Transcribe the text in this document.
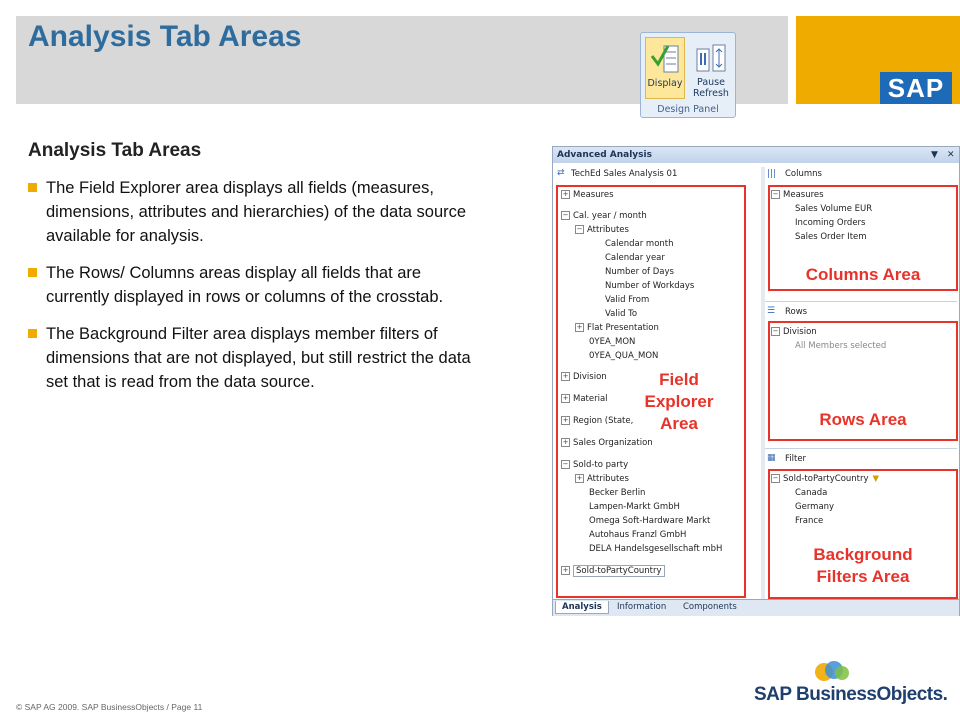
Analysis Tab Areas
SAP
Display	Pause
Refresh
Design Panel
Analysis Tab Areas
The Field Explorer area displays all fields (measures, dimensions, attributes and hierarchies) of the data source available for analysis.
The Rows/ Columns areas display all fields that are currently displayed in rows or columns of the crosstab.
The Background Filter area displays member filters of dimensions that are not displayed, but still restrict the data set that is read from the data source.
Advanced Analysis	▼ ✕
⇄ TechEd Sales Analysis 01
+ Measures
− Cal. year / month
− Attributes
Calendar month
Calendar year
Number of Days
Number of Workdays
Valid From
Valid To
+ Flat Presentation
0YEA_MON
0YEA_QUA_MON
+ Division
+ Material
+ Region (State,
+ Sales Organization
− Sold-to party
+ Attributes
Becker Berlin
Lampen-Markt GmbH
Omega Soft-Hardware Markt
Autohaus Franzl GmbH
DELA Handelsgesellschaft mbH
+ Sold-toPartyCountry
||| Columns
− Measures
Sales Volume EUR
Incoming Orders
Sales Order Item
☰ Rows
− Division
All Members selected
▦ Filter
− Sold-toPartyCountry ▼
Canada
Germany
France
Field
Explorer
Area
Columns Area
Rows Area
Background
Filters Area
Analysis	Information	Components
© SAP AG 2009. SAP BusinessObjects / Page 11
SAP BusinessObjects.
